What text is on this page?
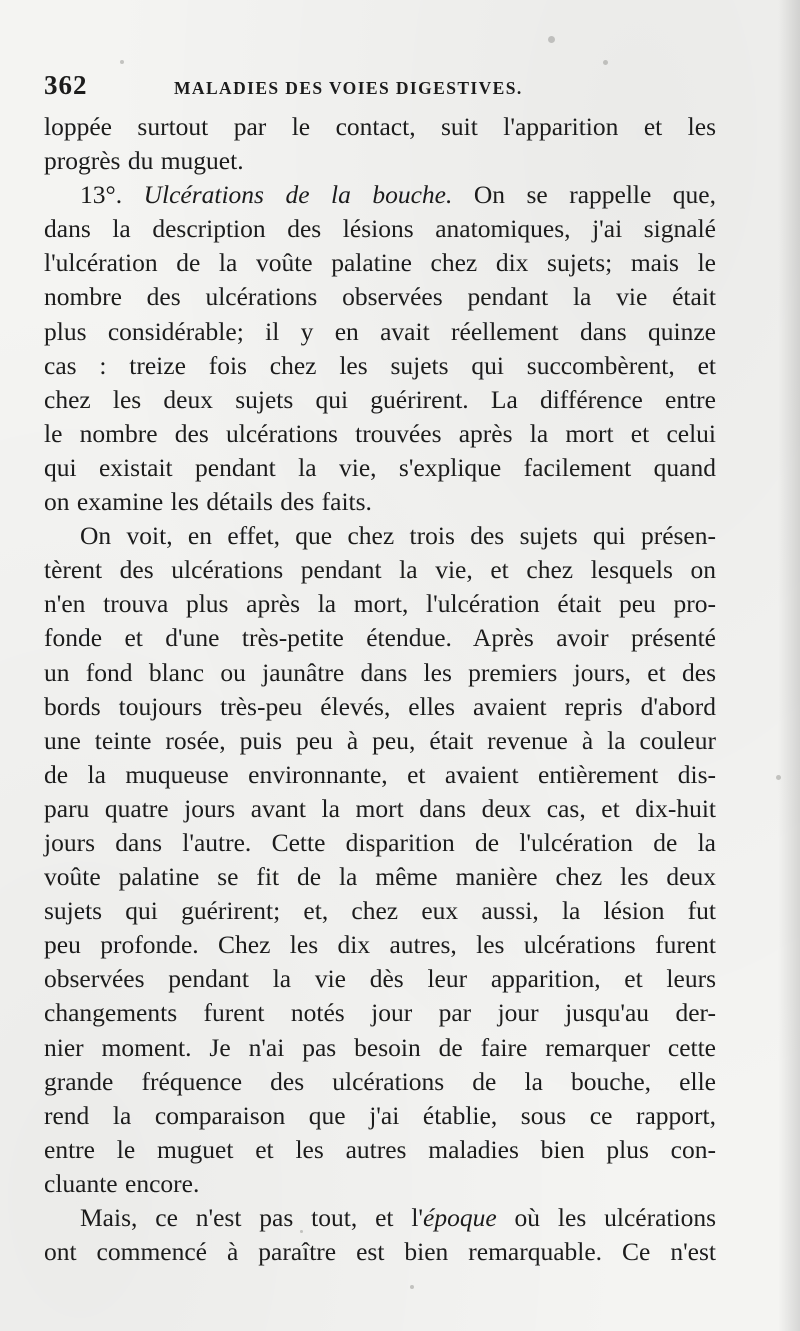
362	MALADIES DES VOIES DIGESTIVES.
loppée surtout par le contact, suit l'apparition et les
progrès du muguet.
13°. Ulcérations de la bouche. On se rappelle que,
dans la description des lésions anatomiques, j'ai signalé
l'ulcération de la voûte palatine chez dix sujets; mais le
nombre des ulcérations observées pendant la vie était
plus considérable; il y en avait réellement dans quinze
cas : treize fois chez les sujets qui succombèrent, et
chez les deux sujets qui guérirent. La différence entre
le nombre des ulcérations trouvées après la mort et celui
qui existait pendant la vie, s'explique facilement quand
on examine les détails des faits.
On voit, en effet, que chez trois des sujets qui présen-
tèrent des ulcérations pendant la vie, et chez lesquels on
n'en trouva plus après la mort, l'ulcération était peu pro-
fonde et d'une très-petite étendue. Après avoir présenté
un fond blanc ou jaunâtre dans les premiers jours, et des
bords toujours très-peu élevés, elles avaient repris d'abord
une teinte rosée, puis peu à peu, était revenue à la couleur
de la muqueuse environnante, et avaient entièrement dis-
paru quatre jours avant la mort dans deux cas, et dix-huit
jours dans l'autre. Cette disparition de l'ulcération de la
voûte palatine se fit de la même manière chez les deux
sujets qui guérirent; et, chez eux aussi, la lésion fut
peu profonde. Chez les dix autres, les ulcérations furent
observées pendant la vie dès leur apparition, et leurs
changements furent notés jour par jour jusqu'au der-
nier moment. Je n'ai pas besoin de faire remarquer cette
grande fréquence des ulcérations de la bouche, elle
rend la comparaison que j'ai établie, sous ce rapport,
entre le muguet et les autres maladies bien plus con-
cluante encore.
Mais, ce n'est pas tout, et l'époque où les ulcérations
ont commencé à paraître est bien remarquable. Ce n'est
